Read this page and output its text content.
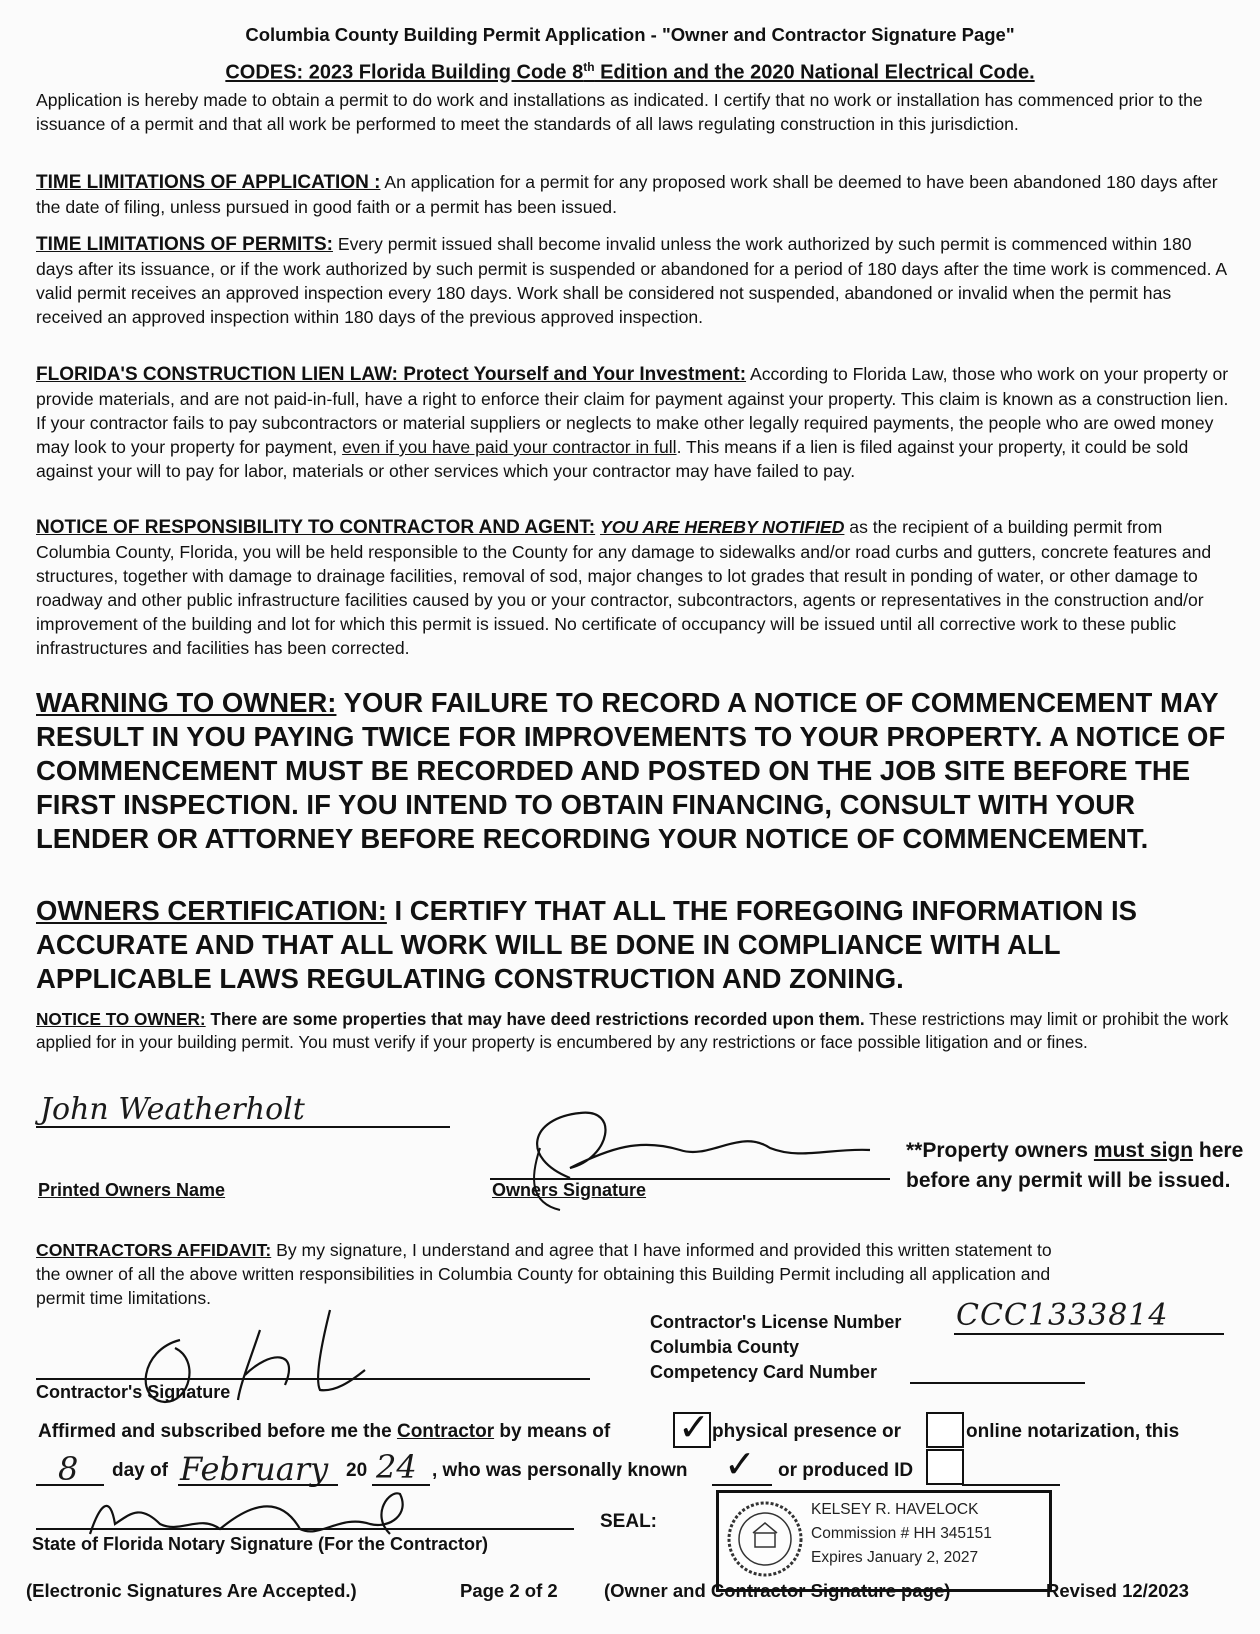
Columbia County Building Permit Application - "Owner and Contractor Signature Page"
CODES: 2023 Florida Building Code 8th Edition and the 2020 National Electrical Code.
Application is hereby made to obtain a permit to do work and installations as indicated. I certify that no work or installation has commenced prior to the issuance of a permit and that all work be performed to meet the standards of all laws regulating construction in this jurisdiction.
TIME LIMITATIONS OF APPLICATION : An application for a permit for any proposed work shall be deemed to have been abandoned 180 days after the date of filing, unless pursued in good faith or a permit has been issued.
TIME LIMITATIONS OF PERMITS: Every permit issued shall become invalid unless the work authorized by such permit is commenced within 180 days after its issuance, or if the work authorized by such permit is suspended or abandoned for a period of 180 days after the time work is commenced. A valid permit receives an approved inspection every 180 days. Work shall be considered not suspended, abandoned or invalid when the permit has received an approved inspection within 180 days of the previous approved inspection.
FLORIDA'S CONSTRUCTION LIEN LAW: Protect Yourself and Your Investment: According to Florida Law, those who work on your property or provide materials, and are not paid-in-full, have a right to enforce their claim for payment against your property. This claim is known as a construction lien. If your contractor fails to pay subcontractors or material suppliers or neglects to make other legally required payments, the people who are owed money may look to your property for payment, even if you have paid your contractor in full. This means if a lien is filed against your property, it could be sold against your will to pay for labor, materials or other services which your contractor may have failed to pay.
NOTICE OF RESPONSIBILITY TO CONTRACTOR AND AGENT: YOU ARE HEREBY NOTIFIED as the recipient of a building permit from Columbia County, Florida, you will be held responsible to the County for any damage to sidewalks and/or road curbs and gutters, concrete features and structures, together with damage to drainage facilities, removal of sod, major changes to lot grades that result in ponding of water, or other damage to roadway and other public infrastructure facilities caused by you or your contractor, subcontractors, agents or representatives in the construction and/or improvement of the building and lot for which this permit is issued. No certificate of occupancy will be issued until all corrective work to these public infrastructures and facilities has been corrected.
WARNING TO OWNER: YOUR FAILURE TO RECORD A NOTICE OF COMMENCEMENT MAY RESULT IN YOU PAYING TWICE FOR IMPROVEMENTS TO YOUR PROPERTY. A NOTICE OF COMMENCEMENT MUST BE RECORDED AND POSTED ON THE JOB SITE BEFORE THE FIRST INSPECTION. IF YOU INTEND TO OBTAIN FINANCING, CONSULT WITH YOUR LENDER OR ATTORNEY BEFORE RECORDING YOUR NOTICE OF COMMENCEMENT.
OWNERS CERTIFICATION: I CERTIFY THAT ALL THE FOREGOING INFORMATION IS ACCURATE AND THAT ALL WORK WILL BE DONE IN COMPLIANCE WITH ALL APPLICABLE LAWS REGULATING CONSTRUCTION AND ZONING.
NOTICE TO OWNER: There are some properties that may have deed restrictions recorded upon them. These restrictions may limit or prohibit the work applied for in your building permit. You must verify if your property is encumbered by any restrictions or face possible litigation and or fines.
John Weatherholt
Printed Owners Name	Owners Signature
**Property owners must sign here before any permit will be issued.
CONTRACTORS AFFIDAVIT: By my signature, I understand and agree that I have informed and provided this written statement to the owner of all the above written responsibilities in Columbia County for obtaining this Building Permit including all application and permit time limitations.
Contractor's Signature
Contractor's License Number CCC1333814
Columbia County
Competency Card Number
Affirmed and subscribed before me the Contractor by means of ✓ physical presence or	online notarization, this
8 day of February 20 24 , who was personally known ✓ or produced ID
State of Florida Notary Signature (For the Contractor)
SEAL:
KELSEY R. HAVELOCK
Commission # HH 345151
Expires January 2, 2027
(Electronic Signatures Are Accepted.)	Page 2 of 2	(Owner and Contractor Signature page)	Revised 12/2023
